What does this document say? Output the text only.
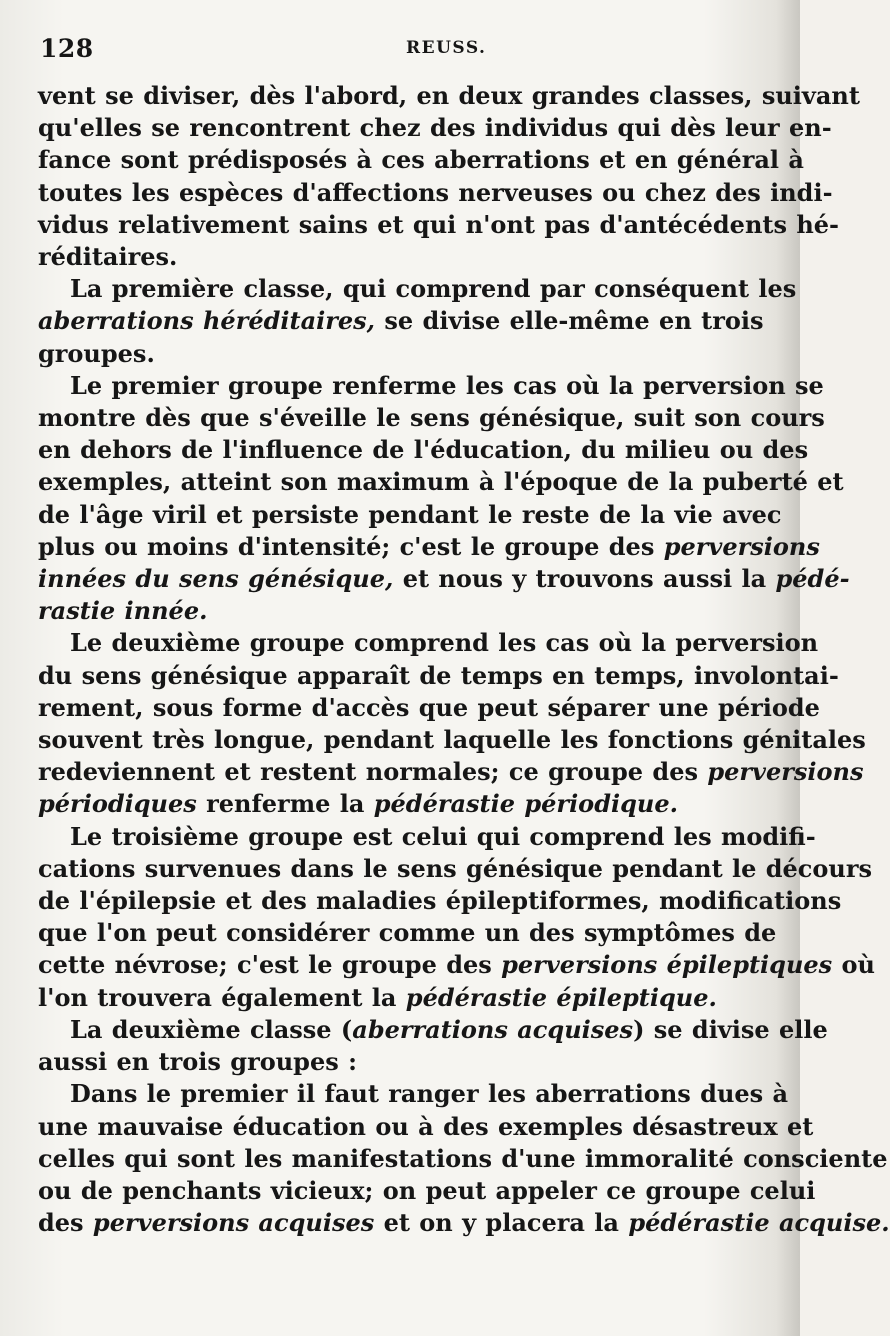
128	REUSS.

vent se diviser, dès l'abord, en deux grandes classes, suivant
qu'elles se rencontrent chez des individus qui dès leur en-
fance sont prédisposés à ces aberrations et en général à
toutes les espèces d'affections nerveuses ou chez des indi-
vidus relativement sains et qui n'ont pas d'antécédents hé-
réditaires.

La première classe, qui comprend par conséquent les
aberrations héréditaires, se divise elle-même en trois
groupes.

Le premier groupe renferme les cas où la perversion se
montre dès que s'éveille le sens génésique, suit son cours
en dehors de l'influence de l'éducation, du milieu ou des
exemples, atteint son maximum à l'époque de la puberté et
de l'âge viril et persiste pendant le reste de la vie avec
plus ou moins d'intensité; c'est le groupe des perversions
innées du sens génésique, et nous y trouvons aussi la pédé-
rastie innée.

Le deuxième groupe comprend les cas où la perversion
du sens génésique apparaît de temps en temps, involontai-
rement, sous forme d'accès que peut séparer une période
souvent très longue, pendant laquelle les fonctions génitales
redeviennent et restent normales; ce groupe des perversions
périodiques renferme la pédérastie périodique.

Le troisième groupe est celui qui comprend les modifi-
cations survenues dans le sens génésique pendant le décours
de l'épilepsie et des maladies épileptiformes, modifications
que l'on peut considérer comme un des symptômes de
cette névrose; c'est le groupe des perversions épileptiques où
l'on trouvera également la pédérastie épileptique.

La deuxième classe (aberrations acquises) se divise elle
aussi en trois groupes :

Dans le premier il faut ranger les aberrations dues à
une mauvaise éducation ou à des exemples désastreux et
celles qui sont les manifestations d'une immoralité consciente
ou de penchants vicieux; on peut appeler ce groupe celui
des perversions acquises et on y placera la pédérastie acquise.
